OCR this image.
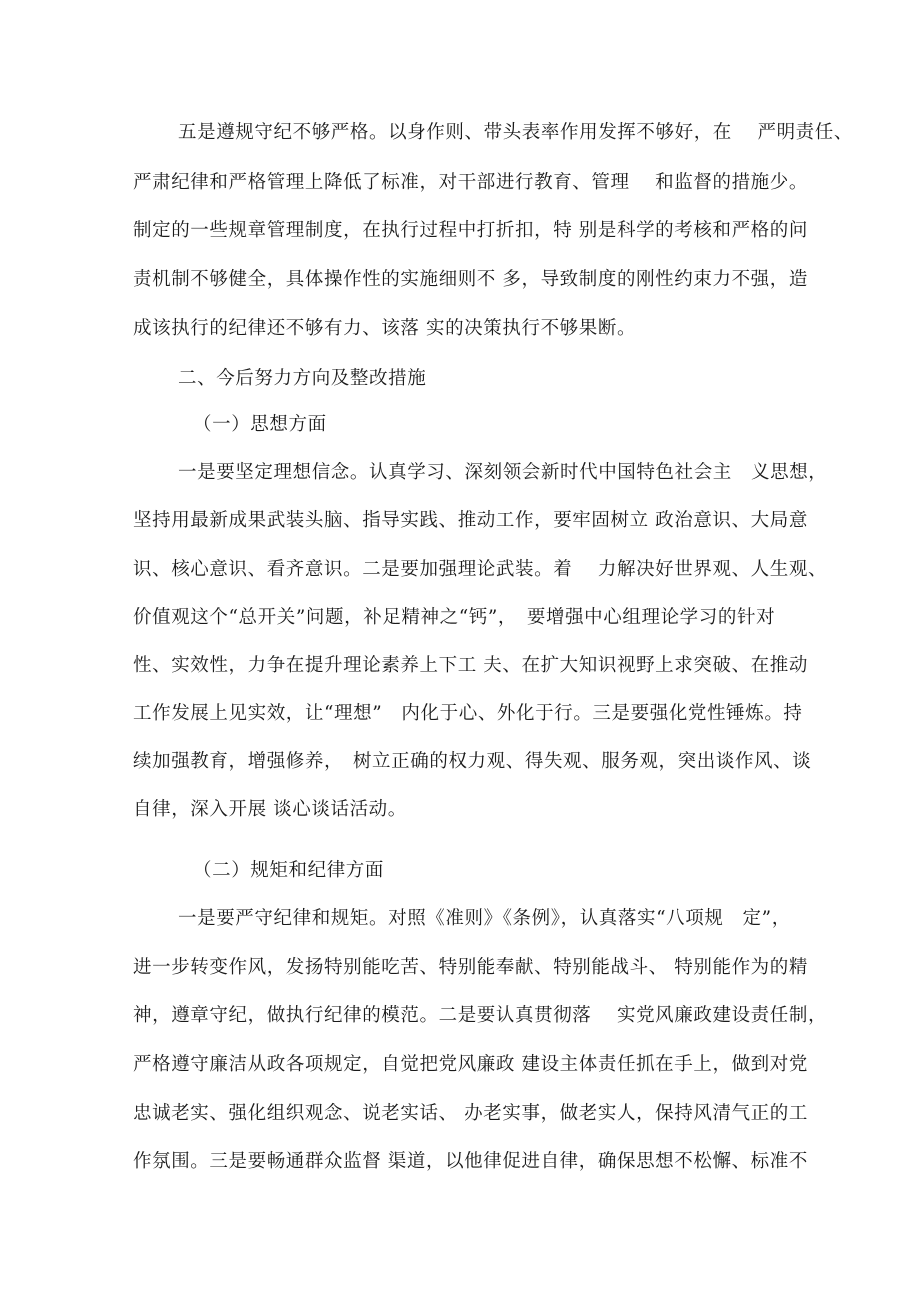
五是遵规守纪不够严格。以身作则、带头表率作用发挥不够好，在　 严明责任、
严肃纪律和严格管理上降低了标准，对干部进行教育、管理　 和监督的措施少。
制定的一些规章管理制度，在执行过程中打折扣，特 别是科学的考核和严格的问
责机制不够健全，具体操作性的实施细则不 多，导致制度的刚性约束力不强，造
成该执行的纪律还不够有力、该落 实的决策执行不够果断。
二、今后努力方向及整改措施
（一）思想方面
一是要坚定理想信念。认真学习、深刻领会新时代中国特色社会主　义思想，
坚持用最新成果武装头脑、指导实践、推动工作，要牢固树立 政治意识、大局意
识、核心意识、看齐意识。二是要加强理论武装。着　 力解决好世界观、人生观、
价值观这个“总开关”问题，补足精神之“钙”，　要增强中心组理论学习的针对
性、实效性，力争在提升理论素养上下工 夫、在扩大知识视野上求突破、在推动
工作发展上见实效，让“理想”　内化于心、外化于行。三是要强化党性锤炼。持
续加强教育，增强修养，　树立正确的权力观、得失观、服务观，突出谈作风、谈
自律，深入开展 谈心谈话活动。
（二）规矩和纪律方面
一是要严守纪律和规矩。对照《准则》《条例》，认真落实“八项规　定”，
进一步转变作风，发扬特别能吃苦、特别能奉献、特别能战斗、 特别能作为的精
神，遵章守纪，做执行纪律的模范。二是要认真贯彻落　 实党风廉政建设责任制，
严格遵守廉洁从政各项规定，自觉把党风廉政 建设主体责任抓在手上，做到对党
忠诚老实、强化组织观念、说老实话、 办老实事，做老实人，保持风清气正的工
作氛围。三是要畅通群众监督 渠道，以他律促进自律，确保思想不松懈、标准不
